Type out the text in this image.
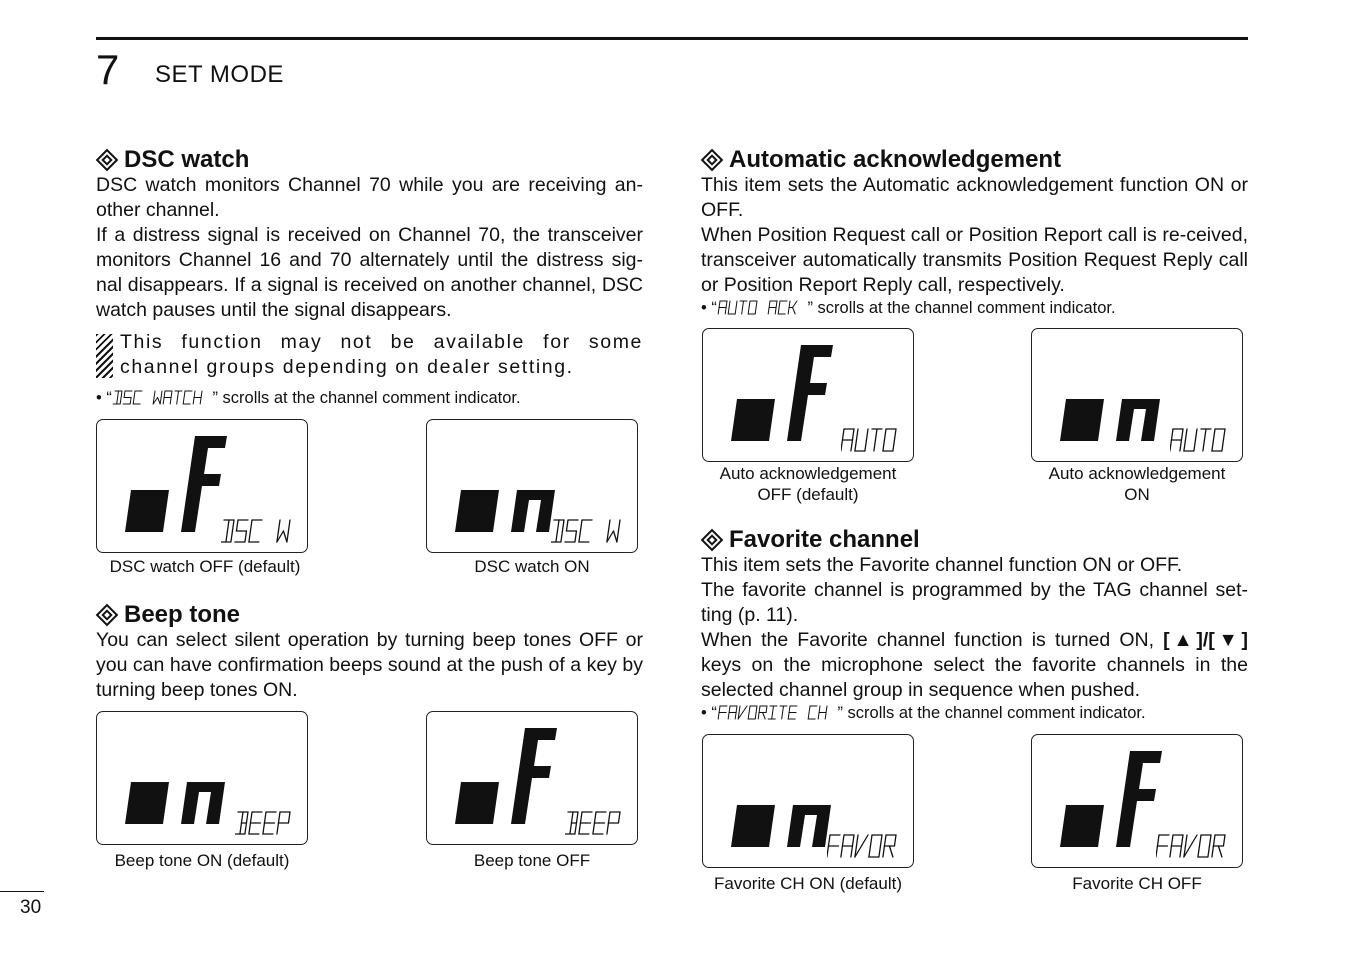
7 SET MODE
30
DSC watch

DSC watch monitors Channel 70 while you are receiving an-other channel.

If a distress signal is received on Channel 70, the transceiver monitors Channel 16 and 70 alternately until the distress sig-nal disappears. If a signal is received on another channel, DSC watch pauses until the signal disappears.

This function may not be available for some channel groups depending on dealer setting.
• “	” scrolls at the channel comment indicator.
DSC watch OFF (default)	DSC watch ON
Beep tone

You can select silent operation by turning beep tones OFF or you can have confirmation beeps sound at the push of a key by turning beep tones ON.

Beep tone ON (default)	Beep tone OFF
Automatic acknowledgement

This item sets the Automatic acknowledgement function ON or OFF.

When Position Request call or Position Report call is re-ceived, transceiver automatically transmits Position Request Reply call or Position Report Reply call, respectively.

• “	” scrolls at the channel comment indicator.
Auto acknowledgement
OFF (default)
Auto acknowledgement
ON
Favorite channel

This item sets the Favorite channel function ON or OFF.

The favorite channel is programmed by the TAG channel set-ting (p. 11).

When the Favorite channel function is turned ON, [▲]/[▼] keys on the microphone select the favorite channels in the selected channel group in sequence when pushed.

• “	” scrolls at the channel comment indicator.
Favorite CH ON (default)	Favorite CH OFF
